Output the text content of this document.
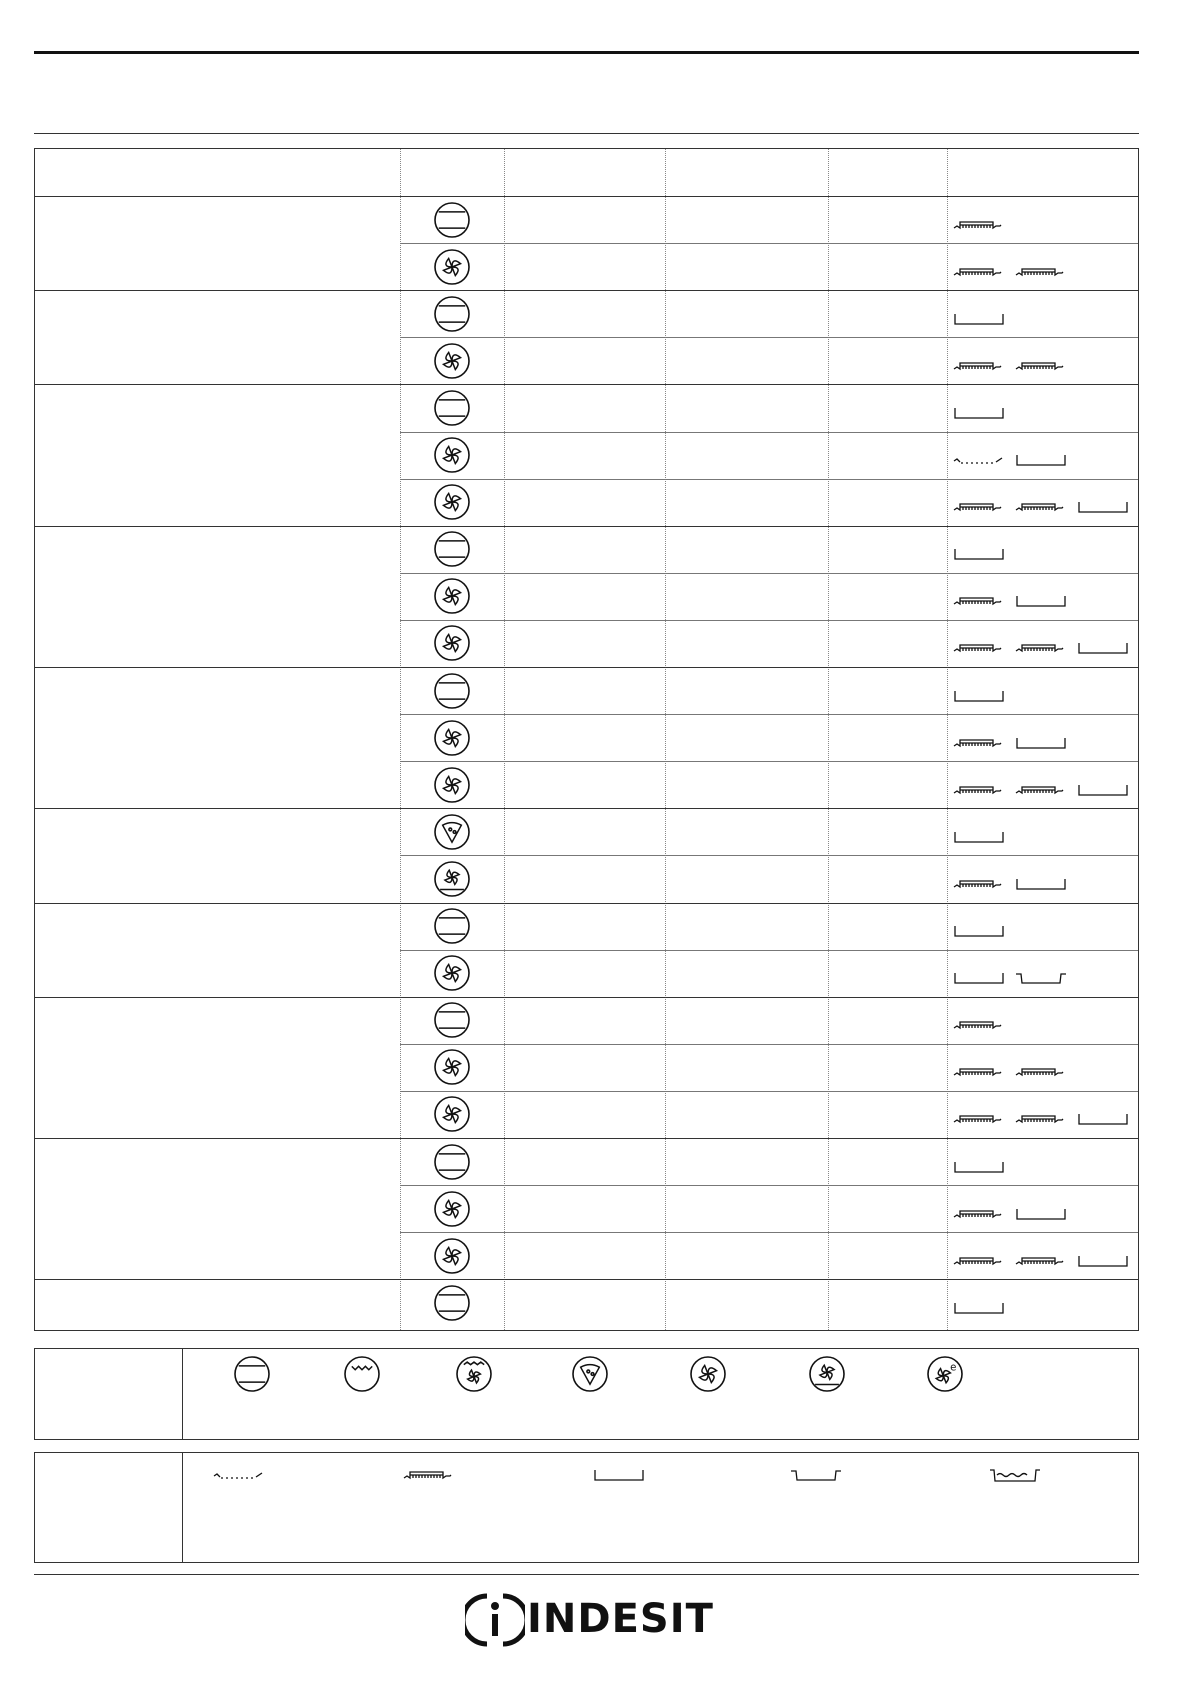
e
INDESIT
